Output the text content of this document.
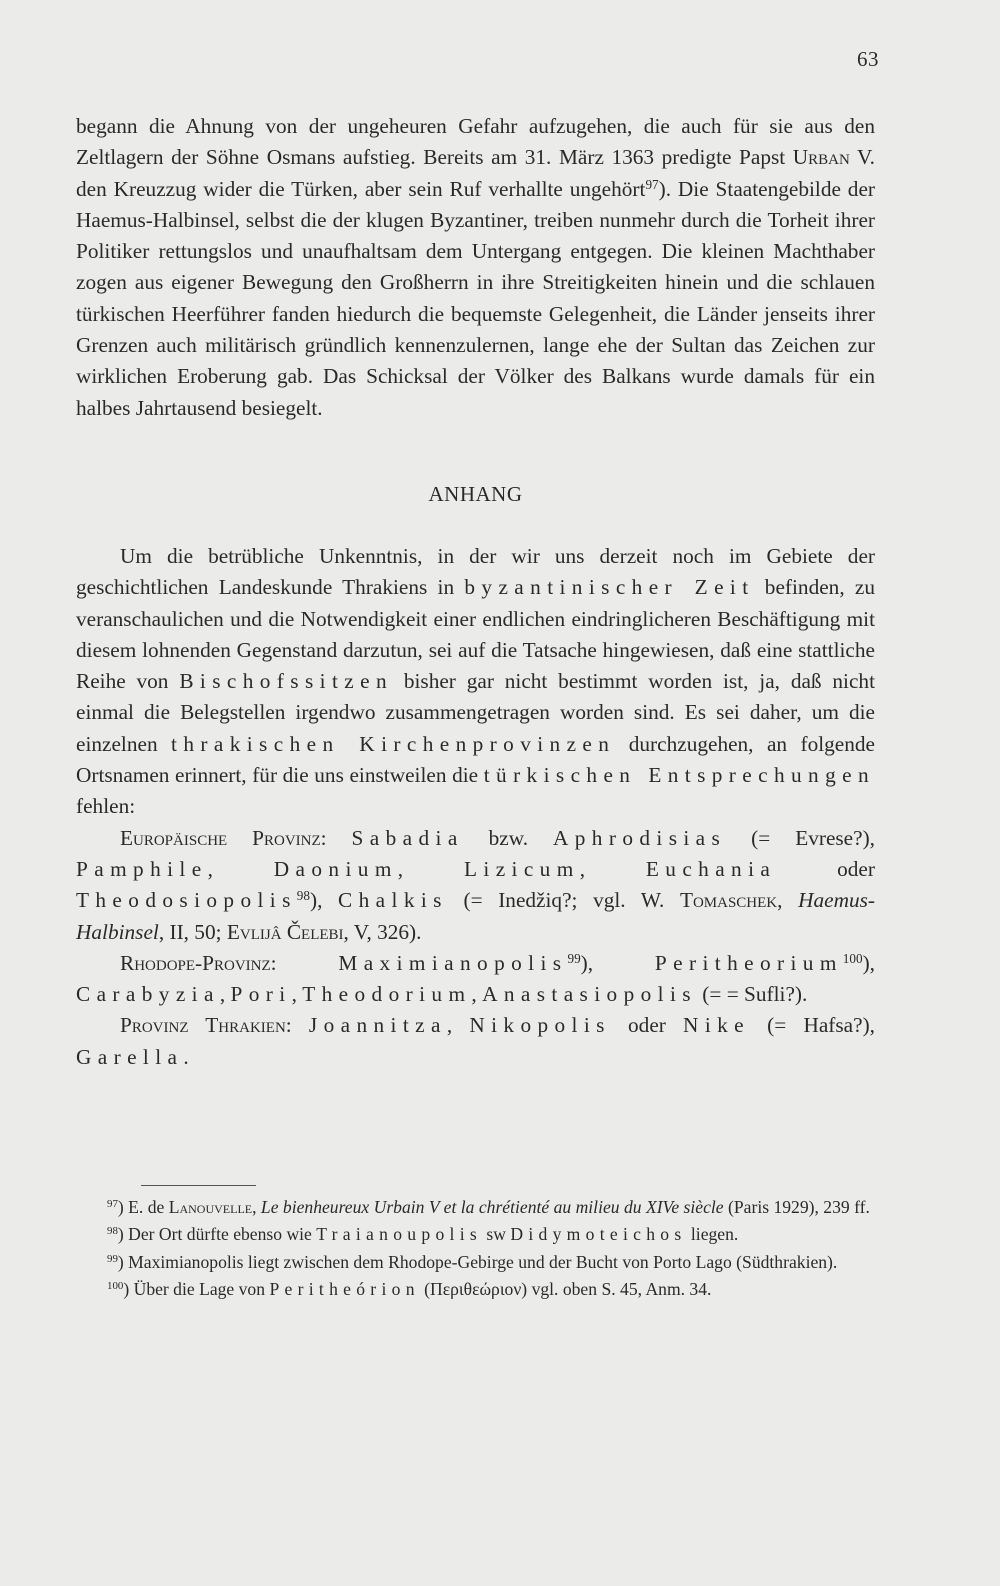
63

begann die Ahnung von der ungeheuren Gefahr aufzugehen, die auch für sie aus den Zeltlagern der Söhne Osmans aufstieg. Bereits am 31. März 1363 predigte Papst Urban V. den Kreuzzug wider die Türken, aber sein Ruf verhallte ungehört$^{97}$). Die Staatengebilde der Haemus-Halbinsel, selbst die der klugen Byzantiner, treiben nunmehr durch die Torheit ihrer Politiker rettungslos und unaufhaltsam dem Untergang entgegen. Die kleinen Machthaber zogen aus eigener Bewegung den Großherrn in ihre Streitigkeiten hinein und die schlauen türkischen Heerführer fanden hiedurch die bequemste Gelegenheit, die Länder jenseits ihrer Grenzen auch militärisch gründlich kennenzulernen, lange ehe der Sultan das Zeichen zur wirklichen Eroberung gab. Das Schicksal der Völker des Balkans wurde damals für ein halbes Jahrtausend besiegelt.

ANHANG

Um die betrübliche Unkenntnis, in der wir uns derzeit noch im Gebiete der geschichtlichen Landeskunde Thrakiens in byzantinischer Zeit befinden, zu veranschaulichen und die Notwendigkeit einer endlichen eindringlicheren Beschäftigung mit diesem lohnenden Gegenstand darzutun, sei auf die Tatsache hingewiesen, daß eine stattliche Reihe von Bischofssitzen bisher gar nicht bestimmt worden ist, ja, daß nicht einmal die Belegstellen irgendwo zusammengetragen worden sind. Es sei daher, um die einzelnen thrakischen Kirchenprovinzen durchzugehen, an folgende Ortsnamen erinnert, für die uns einstweilen die türkischen Entsprechungen fehlen:

Europäische Provinz: Sabadia bzw. Aphrodisias (= Evrese?), Pamphile, Daonium, Lizicum, Euchania oder Theodosiopolis$^{98}$), Chalkis (= Inedžiq?; vgl. W. Tomaschek, Haemus-Halbinsel, II, 50; Evlijâ Čelebi, V, 326).

Rhodope-Provinz:	Maximianopolis$^{99}$), Peritheorium$^{100}$), Carabyzia, Pori, Theodorium, Anastasiopolis (= = Sufli?).

Provinz Thrakien: Joannitza, Nikopolis oder Nike (= Hafsa?), Garella.

$^{97}$) E. de Lanouvelle, Le bienheureux Urbain V et la chrétienté au milieu du XIVe siècle (Paris 1929), 239 ff.

$^{98}$) Der Ort dürfte ebenso wie Traianoupolis sw Didymoteichos liegen.

$^{99}$) Maximianopolis liegt zwischen dem Rhodope-Gebirge und der Bucht von Porto Lago (Südthrakien).

$^{100}$) Über die Lage von Peritheórion (Περιθεώριον) vgl. oben S. 45, Anm. 34.
